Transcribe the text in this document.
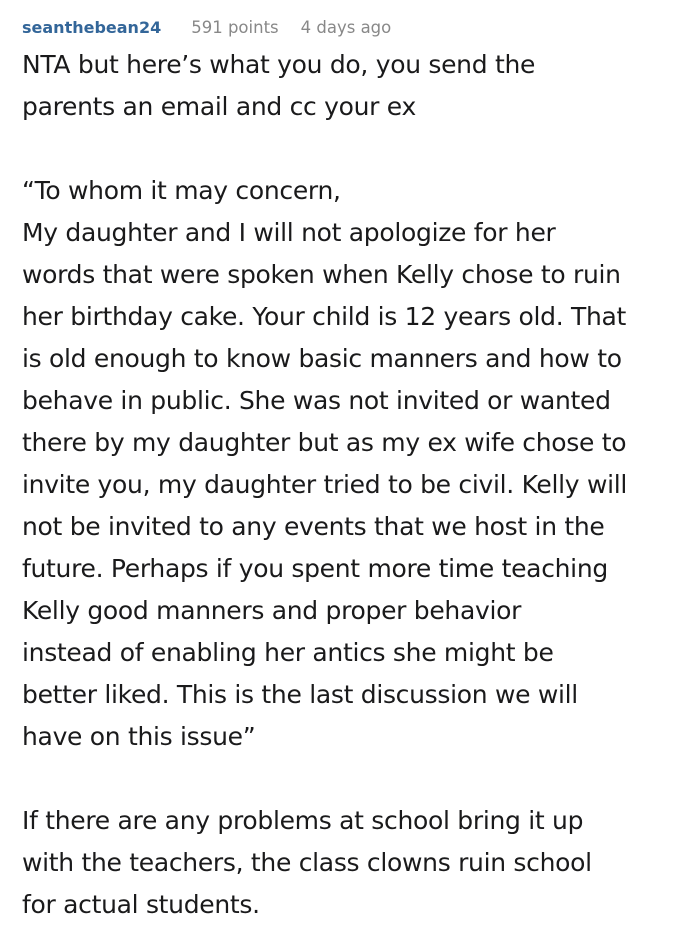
seanthebean24 591 points 4 days ago
NTA but here’s what you do, you send the
parents an email and cc your ex
“To whom it may concern,
My daughter and I will not apologize for her
words that were spoken when Kelly chose to ruin
her birthday cake. Your child is 12 years old. That
is old enough to know basic manners and how to
behave in public. She was not invited or wanted
there by my daughter but as my ex wife chose to
invite you, my daughter tried to be civil. Kelly will
not be invited to any events that we host in the
future. Perhaps if you spent more time teaching
Kelly good manners and proper behavior
instead of enabling her antics she might be
better liked. This is the last discussion we will
have on this issue”
If there are any problems at school bring it up
with the teachers, the class clowns ruin school
for actual students.
